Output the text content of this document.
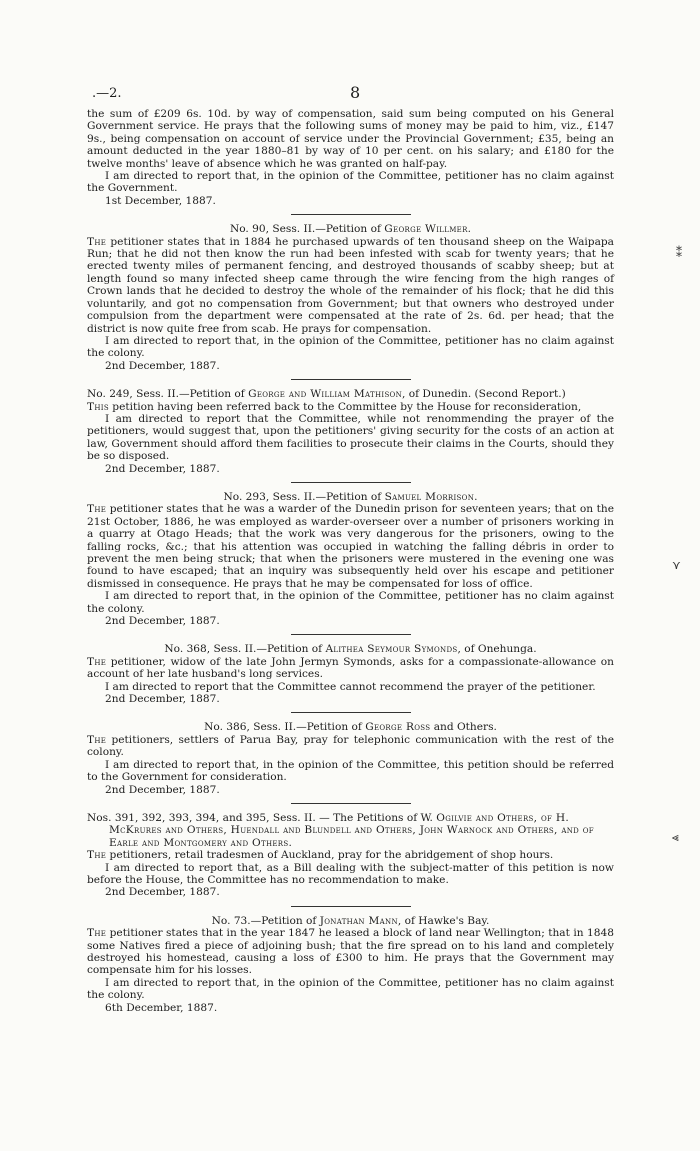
.—2.	8
⁑
⋎
⪡

the sum of £209 6s. 10d. by way of compensation, said sum being computed on his General Government service. He prays that the following sums of money may be paid to him, viz., £147 9s., being compensation on account of service under the Provincial Government; £35, being an amount deducted in the year 1880–81 by way of 10 per cent. on his salary; and £180 for the twelve months' leave of absence which he was granted on half-pay.

I am directed to report that, in the opinion of the Committee, petitioner has no claim against the Government.

1st December, 1887.

No. 90, Sess. II.—Petition of George Willmer.

The petitioner states that in 1884 he purchased upwards of ten thousand sheep on the Waipapa Run; that he did not then know the run had been infested with scab for twenty years; that he erected twenty miles of permanent fencing, and destroyed thousands of scabby sheep; but at length found so many infected sheep came through the wire fencing from the high ranges of Crown lands that he decided to destroy the whole of the remainder of his flock; that he did this voluntarily, and got no compensation from Government; but that owners who destroyed under compulsion from the department were compensated at the rate of 2s. 6d. per head; that the district is now quite free from scab. He prays for compensation.

I am directed to report that, in the opinion of the Committee, petitioner has no claim against the colony.

2nd December, 1887.

No. 249, Sess. II.—Petition of George and William Mathison, of Dunedin. (Second Report.)

This petition having been referred back to the Committee by the House for reconsideration,

I am directed to report that the Committee, while not renommending the prayer of the petitioners, would suggest that, upon the petitioners' giving security for the costs of an action at law, Government should afford them facilities to prosecute their claims in the Courts, should they be so disposed.

2nd December, 1887.

No. 293, Sess. II.—Petition of Samuel Morrison.

The petitioner states that he was a warder of the Dunedin prison for seventeen years; that on the 21st October, 1886, he was employed as warder-overseer over a number of prisoners working in a quarry at Otago Heads; that the work was very dangerous for the prisoners, owing to the falling rocks, &c.; that his attention was occupied in watching the falling débris in order to prevent the men being struck; that when the prisoners were mustered in the evening one was found to have escaped; that an inquiry was subsequently held over his escape and petitioner dismissed in consequence. He prays that he may be compensated for loss of office.

I am directed to report that, in the opinion of the Committee, petitioner has no claim against the colony.

2nd December, 1887.

No. 368, Sess. II.—Petition of Alithea Seymour Symonds, of Onehunga.

The petitioner, widow of the late John Jermyn Symonds, asks for a compassionate-allowance on account of her late husband's long services.

I am directed to report that the Committee cannot recommend the prayer of the petitioner.

2nd December, 1887.

No. 386, Sess. II.—Petition of George Ross and Others.

The petitioners, settlers of Parua Bay, pray for telephonic communication with the rest of the colony.

I am directed to report that, in the opinion of the Committee, this petition should be referred to the Government for consideration.

2nd December, 1887.

Nos. 391, 392, 393, 394, and 395, Sess. II. — The Petitions of W. Ogilvie and Others, of H. McKrures and Others, Huendall and Blundell and Others, John Warnock and Others, and of Earle and Montgomery and Others.

The petitioners, retail tradesmen of Auckland, pray for the abridgement of shop hours.

I am directed to report that, as a Bill dealing with the subject-matter of this petition is now before the House, the Committee has no recommendation to make.

2nd December, 1887.

No. 73.—Petition of Jonathan Mann, of Hawke's Bay.

The petitioner states that in the year 1847 he leased a block of land near Wellington; that in 1848 some Natives fired a piece of adjoining bush; that the fire spread on to his land and completely destroyed his homestead, causing a loss of £300 to him. He prays that the Government may compensate him for his losses.

I am directed to report that, in the opinion of the Committee, petitioner has no claim against the colony.

6th December, 1887.
